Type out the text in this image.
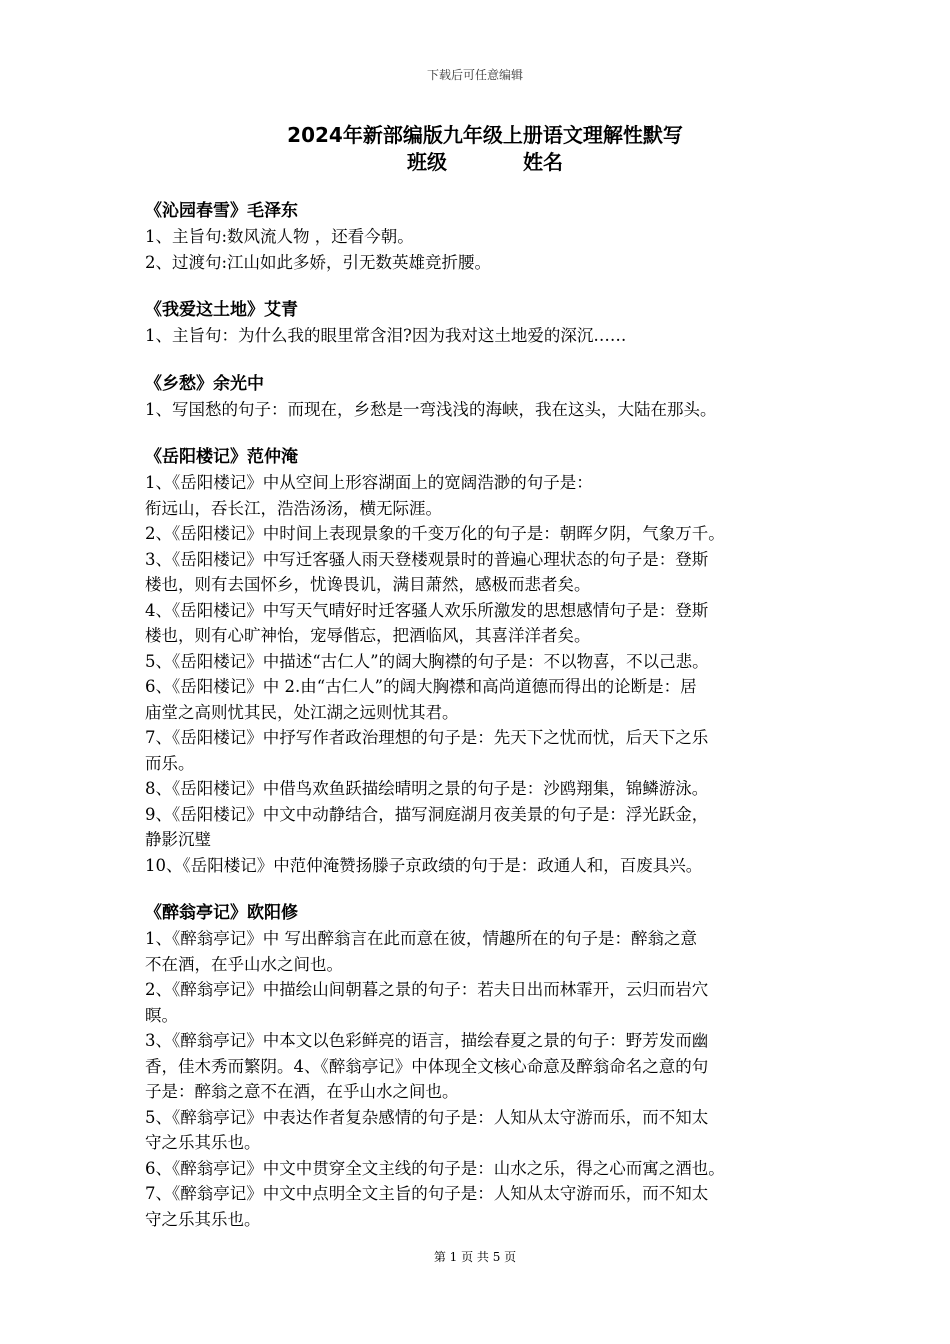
下载后可任意编辑
2024年新部编版九年级上册语文理解性默写
班级	姓名
《沁园春雪》毛泽东
1、主旨句:数风流人物 ，还看今朝。
2、过渡句:江山如此多娇，引无数英雄竞折腰。
《我爱这土地》艾青
1、主旨句：为什么我的眼里常含泪?因为我对这土地爱的深沉……
《乡愁》余光中
1、写国愁的句子：而现在，乡愁是一弯浅浅的海峡，我在这头，大陆在那头。
《岳阳楼记》范仲淹
1、《岳阳楼记》中从空间上形容湖面上的宽阔浩渺的句子是：
衔远山，吞长江，浩浩汤汤，横无际涯。
2、《岳阳楼记》中时间上表现景象的千变万化的句子是：朝晖夕阴，气象万千。
3、《岳阳楼记》中写迁客骚人雨天登楼观景时的普遍心理状态的句子是：登斯
楼也，则有去国怀乡，忧谗畏讥，满目萧然，感极而悲者矣。
4、《岳阳楼记》中写天气晴好时迁客骚人欢乐所激发的思想感情句子是：登斯
楼也，则有心旷神怡，宠辱偕忘，把酒临风，其喜洋洋者矣。
5、《岳阳楼记》中描述“古仁人”的阔大胸襟的句子是：不以物喜，不以己悲。
6、《岳阳楼记》中 2.由“古仁人”的阔大胸襟和高尚道德而得出的论断是：居
庙堂之高则忧其民，处江湖之远则忧其君。
7、《岳阳楼记》中抒写作者政治理想的句子是：先天下之忧而忧，后天下之乐
而乐。
8、《岳阳楼记》中借鸟欢鱼跃描绘晴明之景的句子是：沙鸥翔集，锦鳞游泳。
9、《岳阳楼记》中文中动静结合，描写洞庭湖月夜美景的句子是：浮光跃金，
静影沉璧
10、《岳阳楼记》中范仲淹赞扬滕子京政绩的句于是：政通人和，百废具兴。
《醉翁亭记》欧阳修
1、《醉翁亭记》中 写出醉翁言在此而意在彼，情趣所在的句子是：醉翁之意
不在酒，在乎山水之间也。
2、《醉翁亭记》中描绘山间朝暮之景的句子：若夫日出而林霏开，云归而岩穴
暝。
3、《醉翁亭记》中本文以色彩鲜亮的语言，描绘春夏之景的句子：野芳发而幽
香，佳木秀而繁阴。4、《醉翁亭记》中体现全文核心命意及醉翁命名之意的句
子是：醉翁之意不在酒，在乎山水之间也。
5、《醉翁亭记》中表达作者复杂感情的句子是：人知从太守游而乐，而不知太
守之乐其乐也。
6、《醉翁亭记》中文中贯穿全文主线的句子是：山水之乐，得之心而寓之酒也。
7、《醉翁亭记》中文中点明全文主旨的句子是：人知从太守游而乐，而不知太
守之乐其乐也。
第 1 页 共 5 页
